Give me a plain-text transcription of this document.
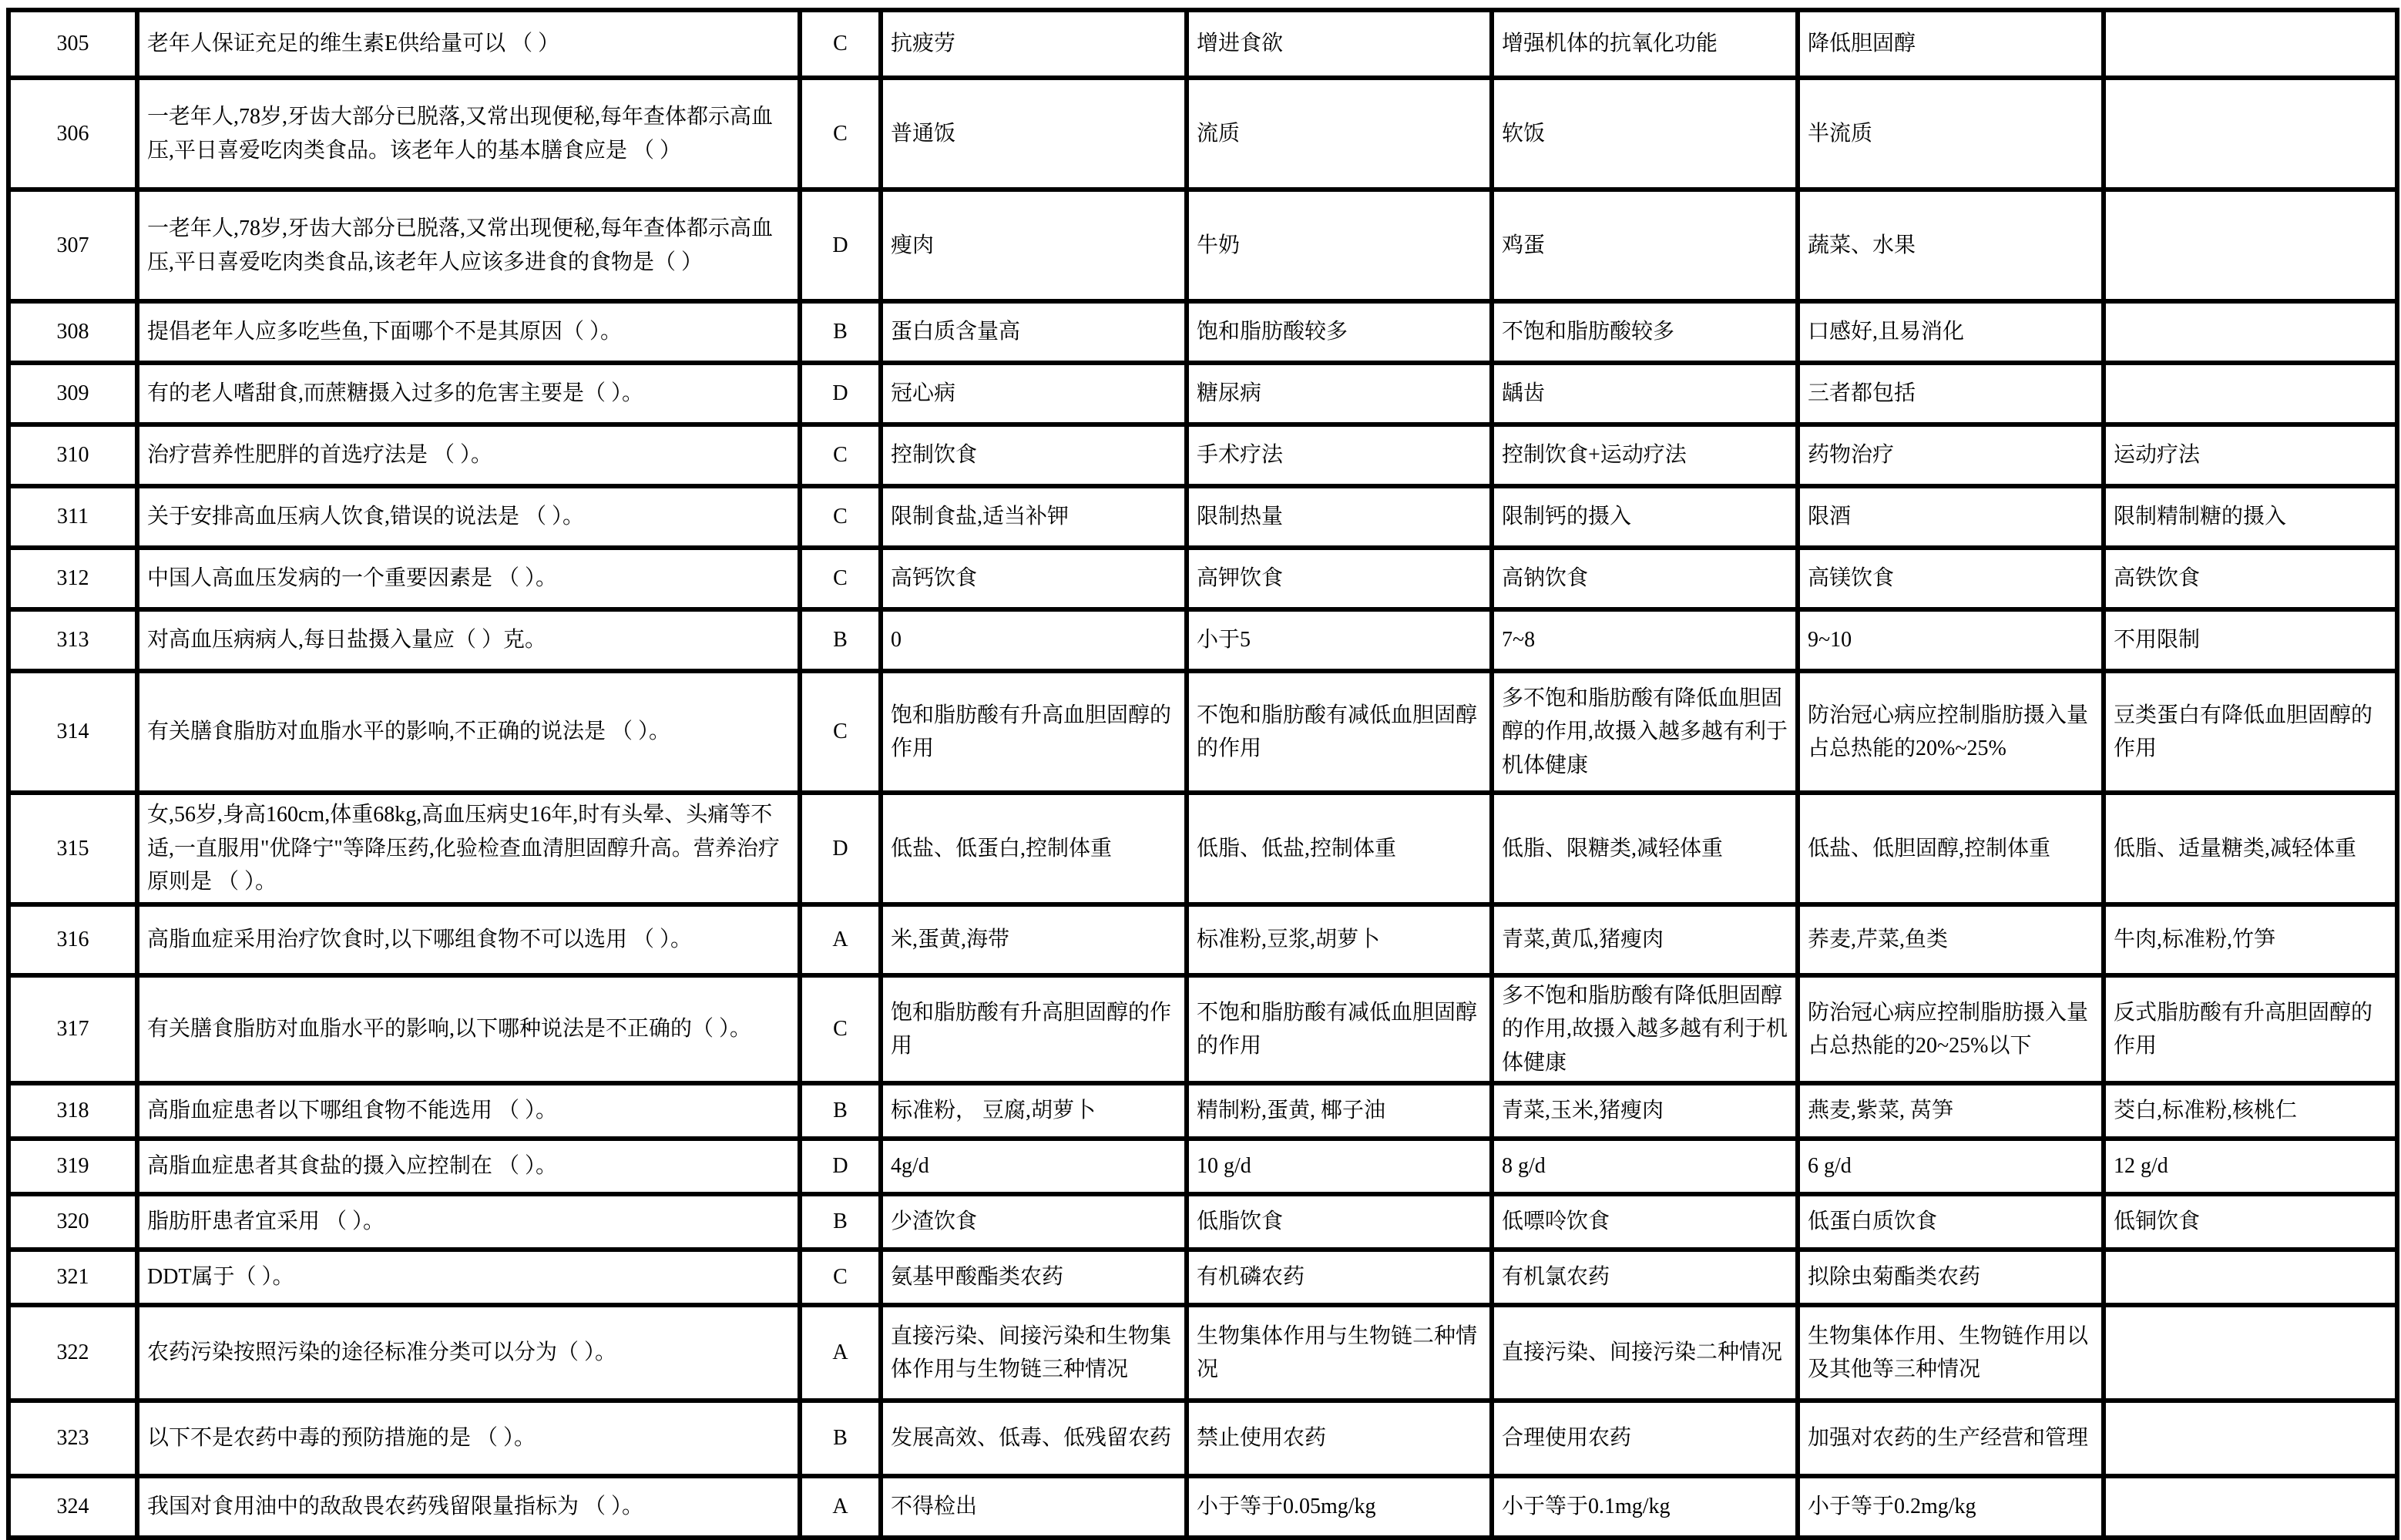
305	老年人保证充足的维生素E供给量可以 （ ）	C	抗疲劳	增进食欲	增强机体的抗氧化功能	降低胆固醇	
306	一老年人,78岁,牙齿大部分已脱落,又常出现便秘,每年查体都示高血压,平日喜爱吃肉类食品。该老年人的基本膳食应是 （ ）	C	普通饭	流质	软饭	半流质	
307	一老年人,78岁,牙齿大部分已脱落,又常出现便秘,每年查体都示高血压,平日喜爱吃肉类食品,该老年人应该多进食的食物是（ ）	D	瘦肉	牛奶	鸡蛋	蔬菜、水果	
308	提倡老年人应多吃些鱼,下面哪个不是其原因（ ）。	B	蛋白质含量高	饱和脂肪酸较多	不饱和脂肪酸较多	口感好,且易消化	
309	有的老人嗜甜食,而蔗糖摄入过多的危害主要是（ ）。	D	冠心病	糖尿病	龋齿	三者都包括	
310	治疗营养性肥胖的首选疗法是 （ ）。	C	控制饮食	手术疗法	控制饮食+运动疗法	药物治疗	运动疗法
311	关于安排高血压病人饮食,错误的说法是 （ ）。	C	限制食盐,适当补钾	限制热量	限制钙的摄入	限酒	限制精制糖的摄入
312	中国人高血压发病的一个重要因素是 （ ）。	C	高钙饮食	高钾饮食	高钠饮食	高镁饮食	高铁饮食
313	对高血压病病人,每日盐摄入量应（ ）克。	B	0	小于5	7~8	9~10	不用限制
314	有关膳食脂肪对血脂水平的影响,不正确的说法是 （ ）。	C	饱和脂肪酸有升高血胆固醇的作用	不饱和脂肪酸有减低血胆固醇的作用	多不饱和脂肪酸有降低血胆固醇的作用,故摄入越多越有利于机体健康	防治冠心病应控制脂肪摄入量占总热能的20%~25%	豆类蛋白有降低血胆固醇的作用
315	女,56岁,身高160cm,体重68kg,高血压病史16年,时有头晕、头痛等不适,一直服用"优降宁"等降压药,化验检查血清胆固醇升高。营养治疗原则是 （ ）。	D	低盐、低蛋白,控制体重	低脂、低盐,控制体重	低脂、限糖类,减轻体重	低盐、低胆固醇,控制体重	低脂、适量糖类,减轻体重
316	高脂血症采用治疗饮食时,以下哪组食物不可以选用 （ ）。	A	米,蛋黄,海带	标准粉,豆浆,胡萝卜	青菜,黄瓜,猪瘦肉	荞麦,芹菜,鱼类	牛肉,标准粉,竹笋
317	有关膳食脂肪对血脂水平的影响,以下哪种说法是不正确的（ ）。	C	饱和脂肪酸有升高胆固醇的作用	不饱和脂肪酸有减低血胆固醇的作用	多不饱和脂肪酸有降低胆固醇的作用,故摄入越多越有利于机体健康	防治冠心病应控制脂肪摄入量占总热能的20~25%以下	反式脂肪酸有升高胆固醇的作用
318	高脂血症患者以下哪组食物不能选用 （ ）。	B	标准粉， 豆腐,胡萝卜	精制粉,蛋黄, 椰子油	青菜,玉米,猪瘦肉	燕麦,紫菜, 莴笋	茭白,标准粉,核桃仁
319	高脂血症患者其食盐的摄入应控制在 （ ）。	D	4g/d	10 g/d	8 g/d	6 g/d	12 g/d
320	脂肪肝患者宜采用 （ ）。	B	少渣饮食	低脂饮食	低嘌呤饮食	低蛋白质饮食	低铜饮食
321	DDT属于（ ）。	C	氨基甲酸酯类农药	有机磷农药	有机氯农药	拟除虫菊酯类农药	
322	农药污染按照污染的途径标准分类可以分为（ ）。	A	直接污染、间接污染和生物集体作用与生物链三种情况	生物集体作用与生物链二种情况	直接污染、间接污染二种情况	生物集体作用、生物链作用以及其他等三种情况	
323	以下不是农药中毒的预防措施的是 （ ）。	B	发展高效、低毒、低残留农药	禁止使用农药	合理使用农药	加强对农药的生产经营和管理	
324	我国对食用油中的敌敌畏农药残留限量指标为 （ ）。	A	不得检出	小于等于0.05mg/kg	小于等于0.1mg/kg	小于等于0.2mg/kg	
